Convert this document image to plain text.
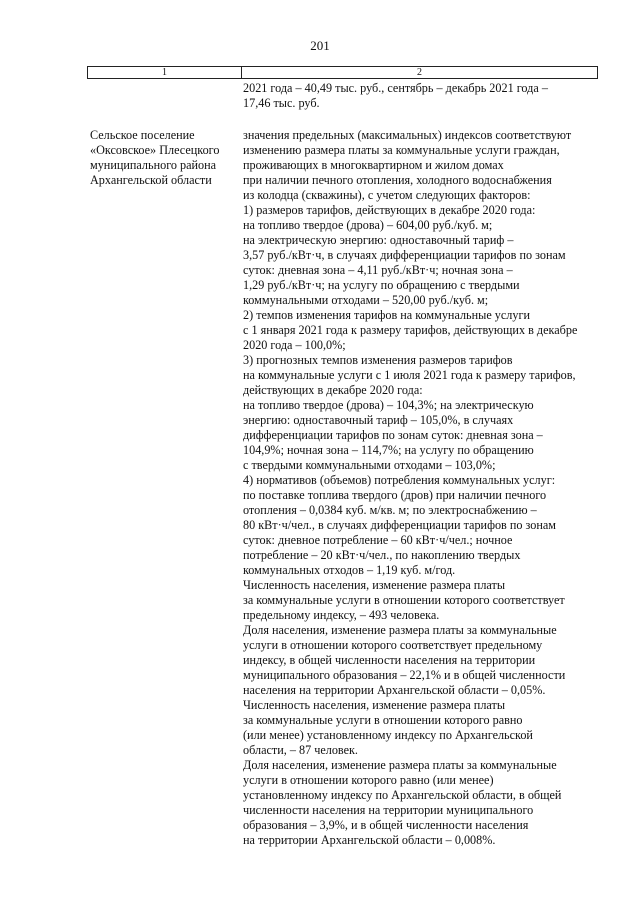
201
1	2
2021 года – 40,49 тыс. руб., сентябрь – декабрь 2021 года –
17,46 тыс. руб.
Сельское поселение
«Оксовское» Плесецкого
муниципального района
Архангельской области
значения предельных (максимальных) индексов соответствуют
изменению размера платы за коммунальные услуги граждан,
проживающих в многоквартирном и жилом домах
при наличии печного отопления, холодного водоснабжения
из колодца (скважины), с учетом следующих факторов:
1) размеров тарифов, действующих в декабре 2020 года:
на топливо твердое (дрова) – 604,00 руб./куб. м;
на электрическую энергию: одноставочный тариф –
3,57 руб./кВт·ч, в случаях дифференциации тарифов по зонам
суток: дневная зона – 4,11 руб./кВт·ч; ночная зона –
1,29 руб./кВт·ч; на услугу по обращению с твердыми
коммунальными отходами – 520,00 руб./куб. м;
2) темпов изменения тарифов на коммунальные услуги
с 1 января 2021 года к размеру тарифов, действующих в декабре
2020 года – 100,0%;
3) прогнозных темпов изменения размеров тарифов
на коммунальные услуги с 1 июля 2021 года к размеру тарифов,
действующих в декабре 2020 года:
на топливо твердое (дрова) – 104,3%; на электрическую
энергию: одноставочный тариф – 105,0%, в случаях
дифференциации тарифов по зонам суток: дневная зона –
104,9%; ночная зона – 114,7%; на услугу по обращению
с твердыми коммунальными отходами – 103,0%;
4) нормативов (объемов) потребления коммунальных услуг:
по поставке топлива твердого (дров) при наличии печного
отопления – 0,0384 куб. м/кв. м; по электроснабжению –
80 кВт·ч/чел., в случаях дифференциации тарифов по зонам
суток: дневное потребление – 60 кВт·ч/чел.; ночное
потребление – 20 кВт·ч/чел., по накоплению твердых
коммунальных отходов – 1,19 куб. м/год.
Численность населения, изменение размера платы
за коммунальные услуги в отношении которого соответствует
предельному индексу, – 493 человека.
Доля населения, изменение размера платы за коммунальные
услуги в отношении которого соответствует предельному
индексу, в общей численности населения на территории
муниципального образования – 22,1% и в общей численности
населения на территории Архангельской области – 0,05%.
Численность населения, изменение размера платы
за коммунальные услуги в отношении которого равно
(или менее) установленному индексу по Архангельской
области, – 87 человек.
Доля населения, изменение размера платы за коммунальные
услуги в отношении которого равно (или менее)
установленному индексу по Архангельской области, в общей
численности населения на территории муниципального
образования – 3,9%, и в общей численности населения
на территории Архангельской области – 0,008%.
